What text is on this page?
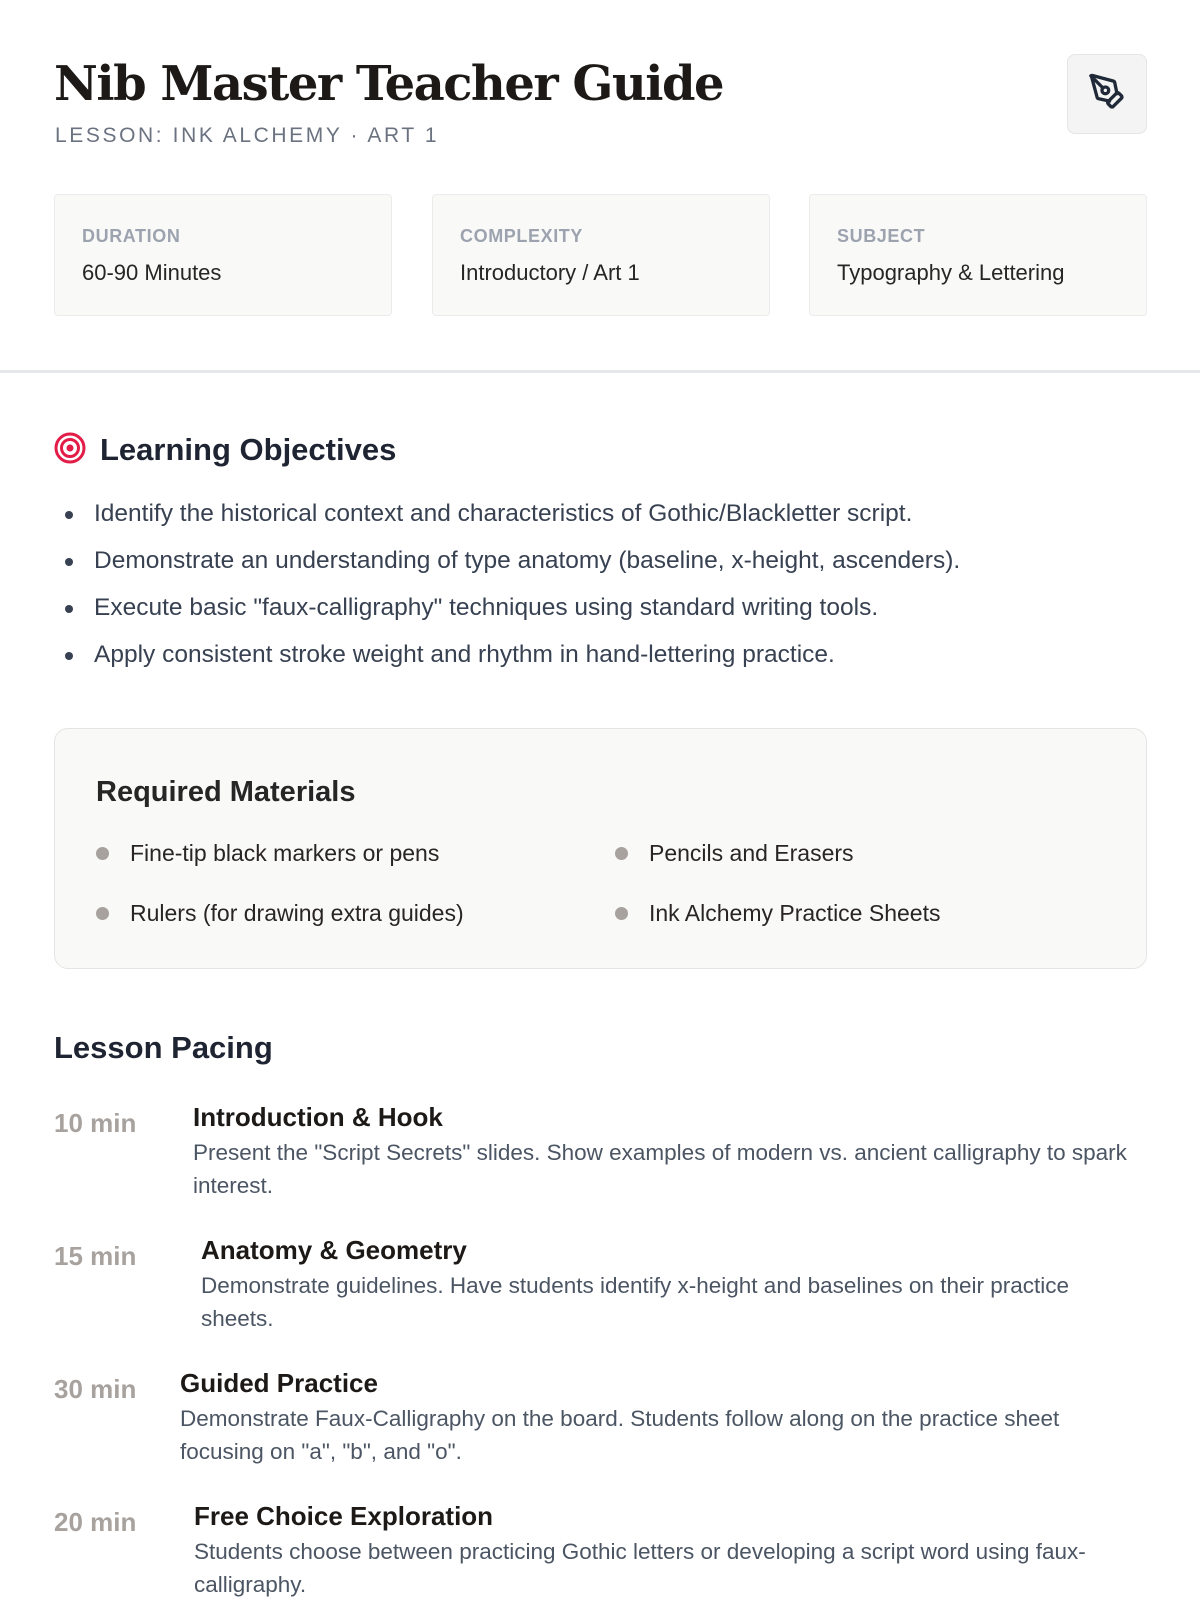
Nib Master Teacher Guide
LESSON: INK ALCHEMY · ART 1
DURATION
60-90 Minutes
COMPLEXITY
Introductory / Art 1
SUBJECT
Typography & Lettering
Learning Objectives
Identify the historical context and characteristics of Gothic/Blackletter script.
Demonstrate an understanding of type anatomy (baseline, x-height, ascenders).
Execute basic "faux-calligraphy" techniques using standard writing tools.
Apply consistent stroke weight and rhythm in hand-lettering practice.
Required Materials
Fine-tip black markers or pens	Pencils and Erasers
Rulers (for drawing extra guides)	Ink Alchemy Practice Sheets
Lesson Pacing
10 min Introduction & Hook
Present the "Script Secrets" slides. Show examples of modern vs. ancient calligraphy to spark interest.
15 min Anatomy & Geometry
Demonstrate guidelines. Have students identify x-height and baselines on their practice sheets.
30 min Guided Practice
Demonstrate Faux-Calligraphy on the board. Students follow along on the practice sheet focusing on "a", "b", and "o".
20 min Free Choice Exploration
Students choose between practicing Gothic letters or developing a script word using faux-calligraphy.
